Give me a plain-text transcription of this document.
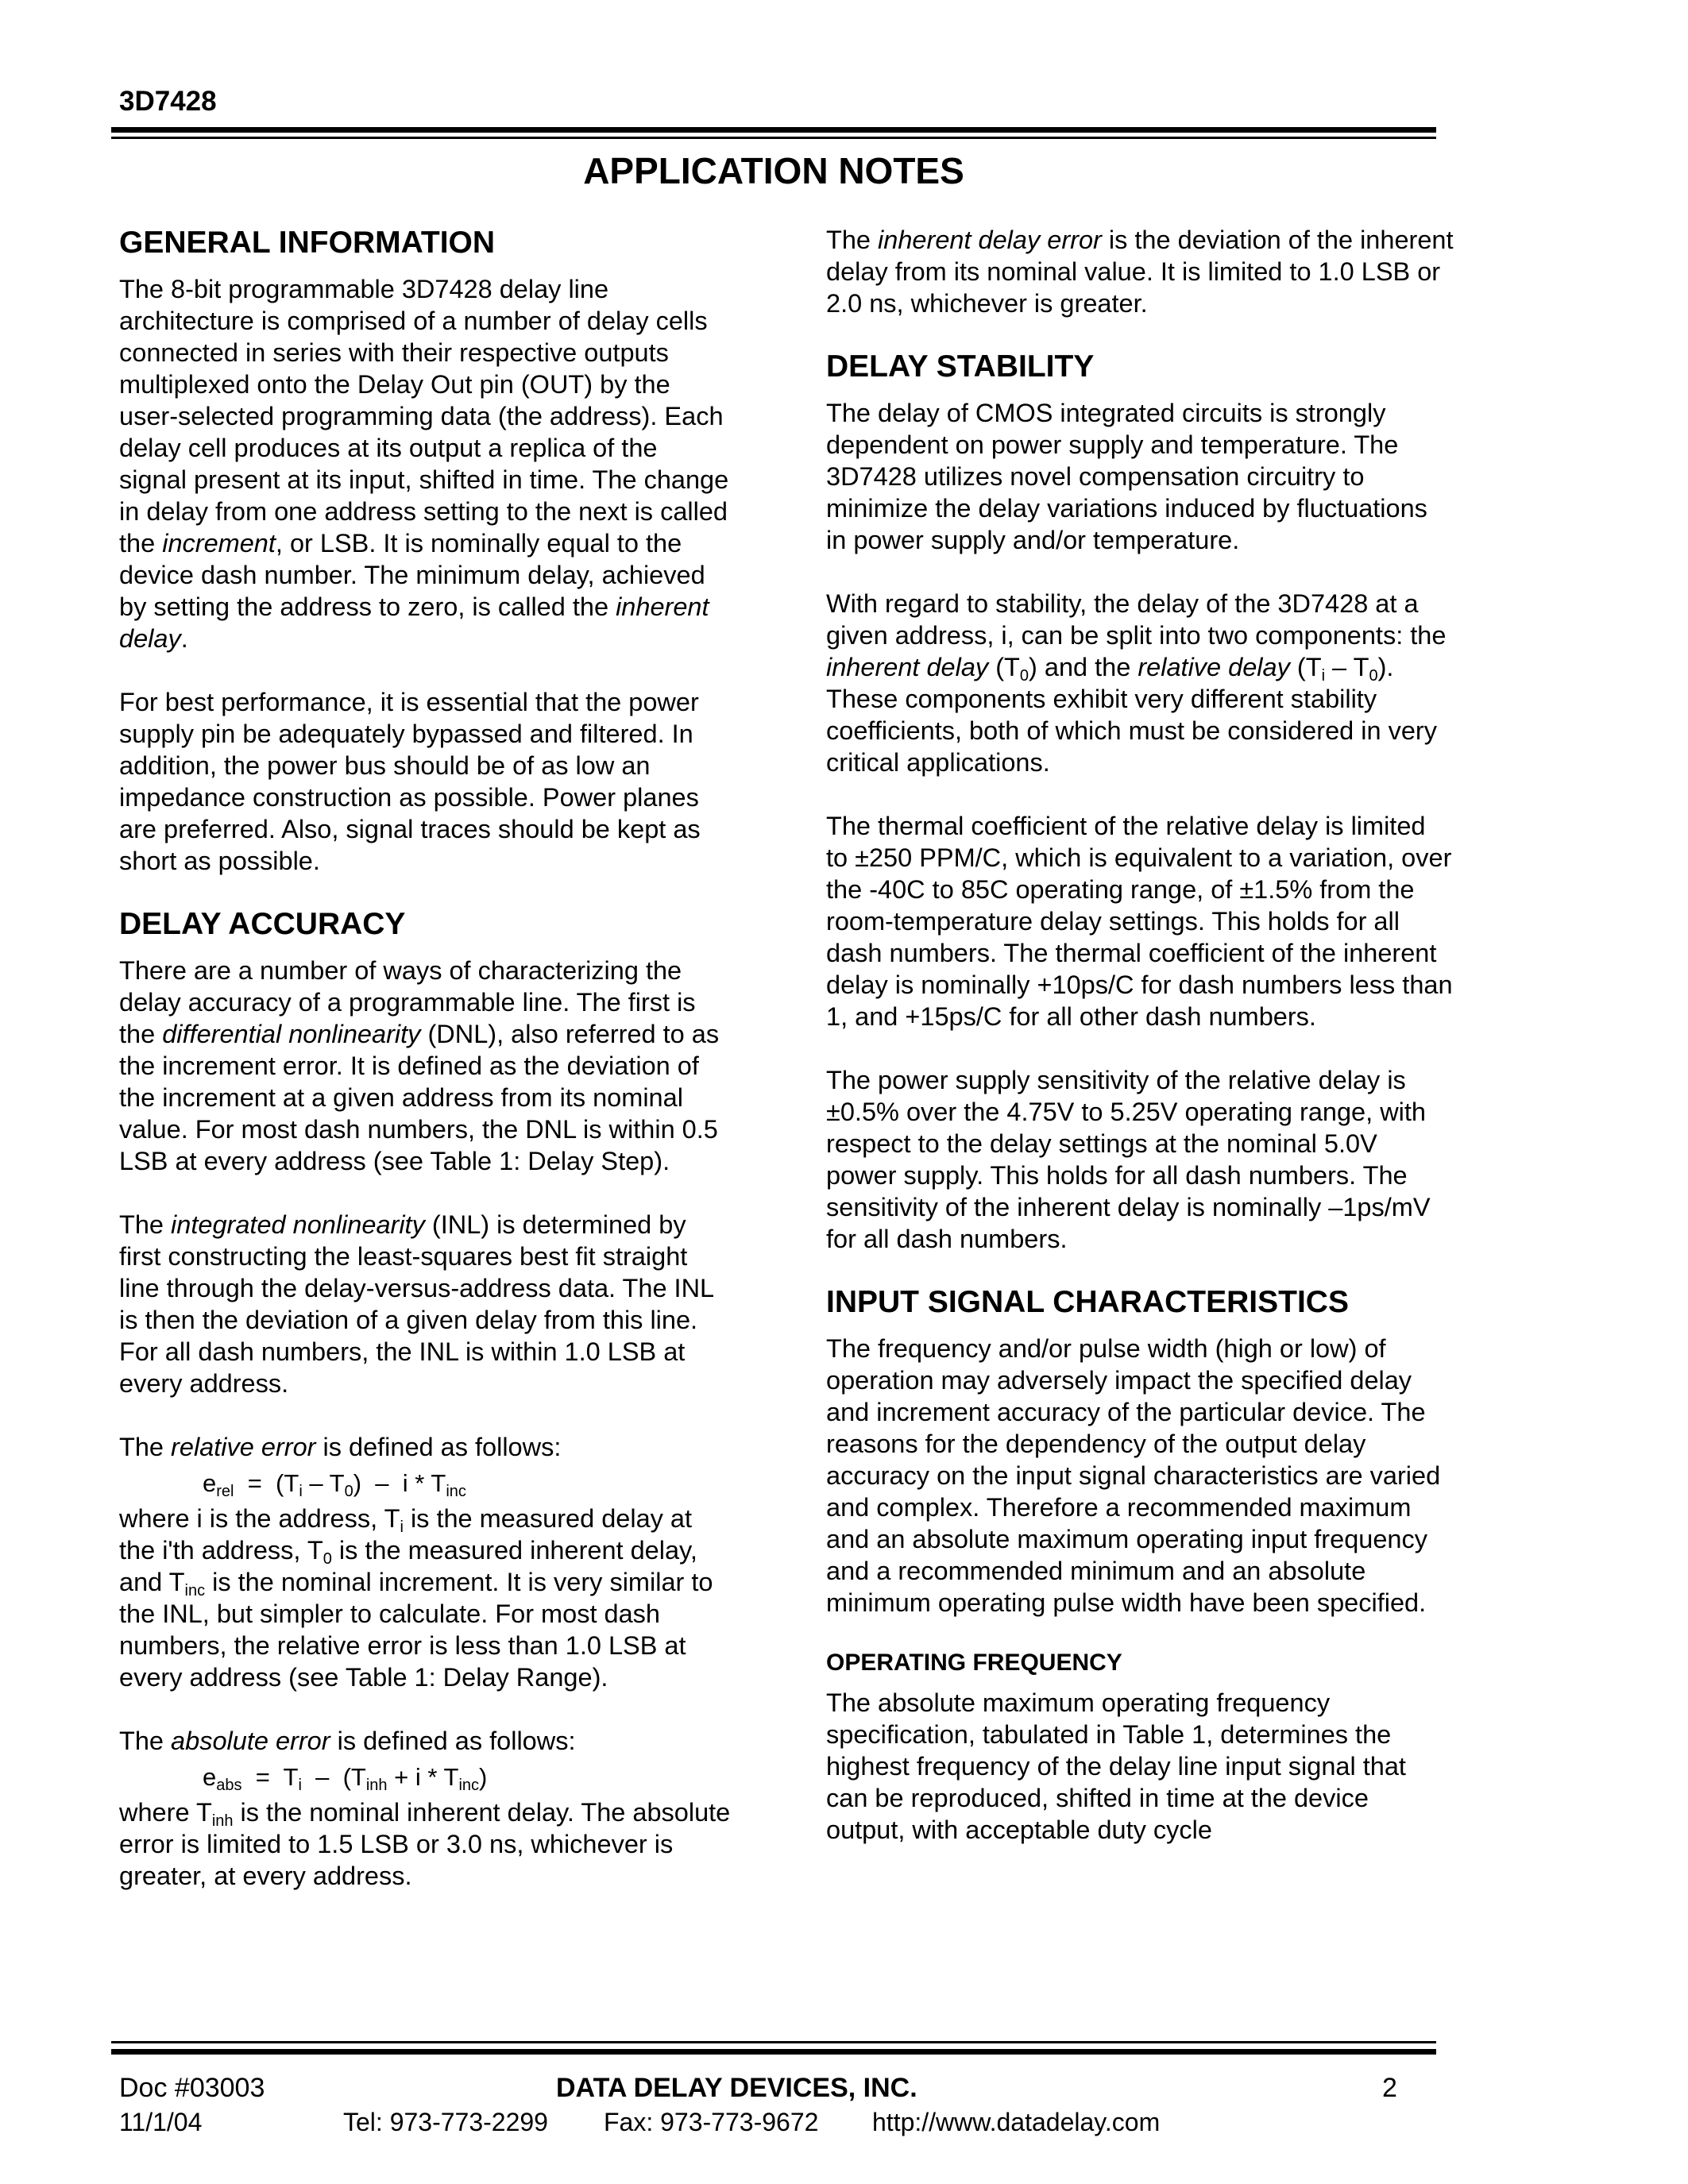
3D7428
APPLICATION NOTES
GENERAL INFORMATION

The 8-bit programmable 3D7428 delay line architecture is comprised of a number of delay cells connected in series with their respective outputs multiplexed onto the Delay Out pin (OUT) by the user-selected programming data (the address). Each delay cell produces at its output a replica of the signal present at its input, shifted in time. The change in delay from one address setting to the next is called the increment, or LSB. It is nominally equal to the device dash number. The minimum delay, achieved by setting the address to zero, is called the inherent delay.

For best performance, it is essential that the power supply pin be adequately bypassed and filtered. In addition, the power bus should be of as low an impedance construction as possible. Power planes are preferred. Also, signal traces should be kept as short as possible.

DELAY ACCURACY

There are a number of ways of characterizing the delay accuracy of a programmable line. The first is the differential nonlinearity (DNL), also referred to as the increment error. It is defined as the deviation of the increment at a given address from its nominal value. For most dash numbers, the DNL is within 0.5 LSB at every address (see Table 1: Delay Step).

The integrated nonlinearity (INL) is determined by first constructing the least-squares best fit straight line through the delay-versus-address data. The INL is then the deviation of a given delay from this line. For all dash numbers, the INL is within 1.0 LSB at every address.

The relative error is defined as follows:

$e_{rel} = (T_i - T_0) - i * T_{inc}$

where i is the address, $T_i$ is the measured delay at the i'th address, $T_0$ is the measured inherent delay, and $T_{inc}$ is the nominal increment. It is very similar to the INL, but simpler to calculate. For most dash numbers, the relative error is less than 1.0 LSB at every address (see Table 1: Delay Range).

The absolute error is defined as follows:

$e_{abs} = T_i - (T_{inh} + i * T_{inc})$

where $T_{inh}$ is the nominal inherent delay. The absolute error is limited to 1.5 LSB or 3.0 ns, whichever is greater, at every address.

The inherent delay error is the deviation of the inherent delay from its nominal value. It is limited to 1.0 LSB or 2.0 ns, whichever is greater.

DELAY STABILITY

The delay of CMOS integrated circuits is strongly dependent on power supply and temperature. The 3D7428 utilizes novel compensation circuitry to minimize the delay variations induced by fluctuations in power supply and/or temperature.

With regard to stability, the delay of the 3D7428 at a given address, i, can be split into two components: the inherent delay $(T_0)$ and the relative delay $(T_i - T_0)$. These components exhibit very different stability coefficients, both of which must be considered in very critical applications.

The thermal coefficient of the relative delay is limited to ±250 PPM/C, which is equivalent to a variation, over the -40C to 85C operating range, of ±1.5% from the room-temperature delay settings. This holds for all dash numbers. The thermal coefficient of the inherent delay is nominally +10ps/C for dash numbers less than 1, and +15ps/C for all other dash numbers.

The power supply sensitivity of the relative delay is ±0.5% over the 4.75V to 5.25V operating range, with respect to the delay settings at the nominal 5.0V power supply. This holds for all dash numbers. The sensitivity of the inherent delay is nominally –1ps/mV for all dash numbers.

INPUT SIGNAL CHARACTERISTICS

The frequency and/or pulse width (high or low) of operation may adversely impact the specified delay and increment accuracy of the particular device. The reasons for the dependency of the output delay accuracy on the input signal characteristics are varied and complex. Therefore a recommended maximum and an absolute maximum operating input frequency and a recommended minimum and an absolute minimum operating pulse width have been specified.

OPERATING FREQUENCY

The absolute maximum operating frequency specification, tabulated in Table 1, determines the highest frequency of the delay line input signal that can be reproduced, shifted in time at the device output, with acceptable duty cycle

Doc #03003	DATA DELAY DEVICES, INC.	2
11/1/04	Tel: 973-773-2299 Fax: 973-773-9672 http://www.datadelay.com
